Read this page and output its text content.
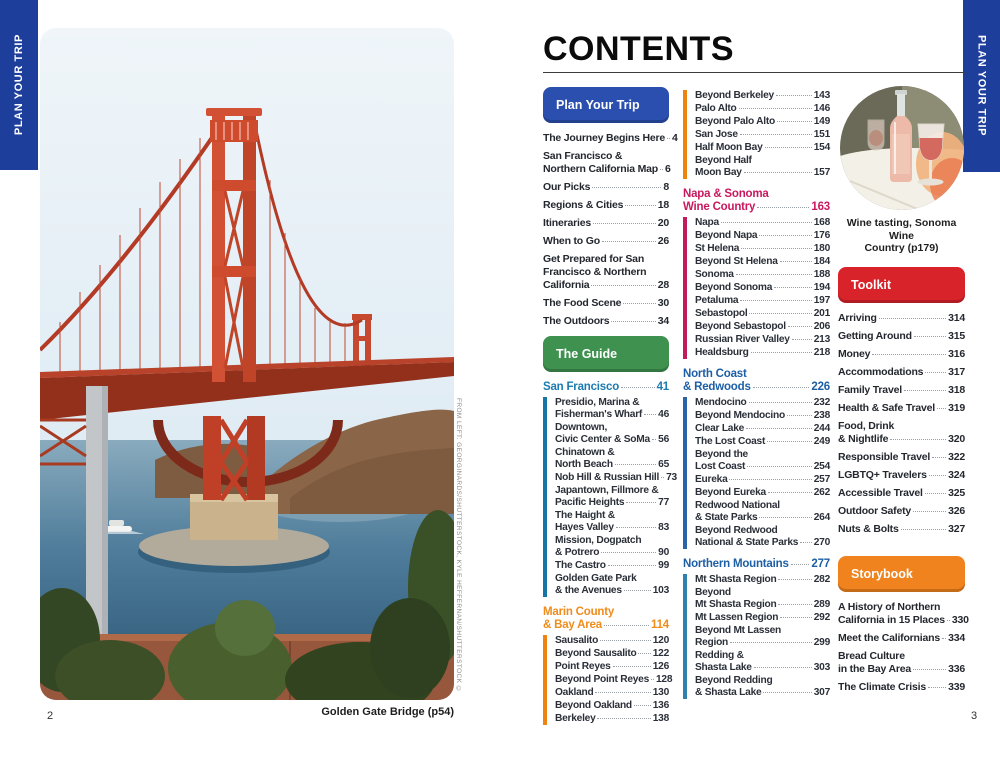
PLAN YOUR TRIP	PLAN YOUR TRIP
FROM LEFT: GEORGINARDS/SHUTTERSTOCK, KYLE HEFFERNAN/SHUTTERSTOCK ©
Golden Gate Bridge (p54)
2	3
CONTENTS
Plan Your Trip
The Journey Begins Here 4
San Francisco &
Northern California Map 6
Our Picks	8
Regions & Cities	18
Itineraries	20
When to Go	26
Get Prepared for San
Francisco & Northern
California	28
The Food Scene	30
The Outdoors	34
The Guide
San Francisco	41
Presidio, Marina &
Fisherman's Wharf 46
Downtown,
Civic Center & SoMa 56
Chinatown &
North Beach	65
Nob Hill & Russian Hill 73
Japantown, Fillmore &
Pacific Heights	77
The Haight &
Hayes Valley	83
Mission, Dogpatch
& Potrero	90
The Castro	99
Golden Gate Park
& the Avenues	103
Marin County
& Bay Area	114
Sausalito	120
Beyond Sausalito 122
Point Reyes	126
Beyond Point Reyes 128
Oakland	130
Beyond Oakland 136
Berkeley	138
Beyond Berkeley	143
Palo Alto	146
Beyond Palo Alto	149
San Jose	151
Half Moon Bay	154
Beyond Half
Moon Bay	157
Napa & Sonoma
Wine Country	163
Napa	168
Beyond Napa	176
St Helena	180
Beyond St Helena	184
Sonoma	188
Beyond Sonoma	194
Petaluma	197
Sebastopol	201
Beyond Sebastopol	206
Russian River Valley 213
Healdsburg	218
North Coast
& Redwoods	226
Mendocino	232
Beyond Mendocino	238
Clear Lake	244
The Lost Coast	249
Beyond the
Lost Coast	254
Eureka	257
Beyond Eureka	262
Redwood National
& State Parks	264
Beyond Redwood
National & State Parks 270
Northern Mountains 277
Mt Shasta Region	282
Beyond
Mt Shasta Region	289
Mt Lassen Region	292
Beyond Mt Lassen
Region	299
Redding &
Shasta Lake	303
Beyond Redding
& Shasta Lake	307
Wine tasting, Sonoma Wine
Country (p179)
Toolkit
Arriving	314
Getting Around	315
Money	316
Accommodations 317
Family Travel	318
Health & Safe Travel 319
Food, Drink
& Nightlife	320
Responsible Travel 322
LGBTQ+ Travelers 324
Accessible Travel 325
Outdoor Safety	326
Nuts & Bolts	327
Storybook
A History of Northern
California in 15 Places 330
Meet the Californians 334
Bread Culture
in the Bay Area	336
The Climate Crisis 339
